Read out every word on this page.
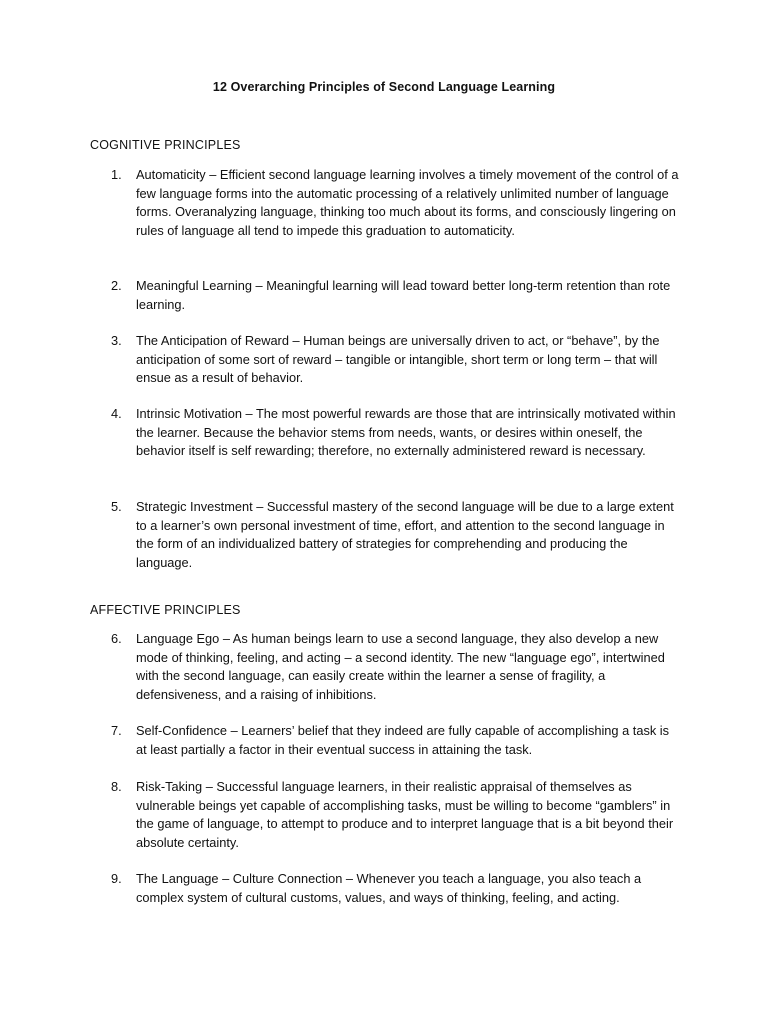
12 Overarching Principles of Second Language Learning
COGNITIVE PRINCIPLES
1.	Automaticity – Efficient second language learning involves a timely movement of the control of a few language forms into the automatic processing of a relatively unlimited number of language forms. Overanalyzing language, thinking too much about its forms, and consciously lingering on rules of language all tend to impede this graduation to automaticity.
2.	Meaningful Learning – Meaningful learning will lead toward better long-term retention than rote learning.
3.	The Anticipation of Reward – Human beings are universally driven to act, or “behave”, by the anticipation of some sort of reward – tangible or intangible, short term or long term – that will ensue as a result of behavior.
4.	Intrinsic Motivation – The most powerful rewards are those that are intrinsically motivated within the learner. Because the behavior stems from needs, wants, or desires within oneself, the behavior itself is self rewarding; therefore, no externally administered reward is necessary.
5.	Strategic Investment – Successful mastery of the second language will be due to a large extent to a learner’s own personal investment of time, effort, and attention to the second language in the form of an individualized battery of strategies for comprehending and producing the language.
AFFECTIVE PRINCIPLES
6.	Language Ego – As human beings learn to use a second language, they also develop a new mode of thinking, feeling, and acting – a second identity. The new “language ego”, intertwined with the second language, can easily create within the learner a sense of fragility, a defensiveness, and a raising of inhibitions.
7.	Self-Confidence – Learners’ belief that they indeed are fully capable of accomplishing a task is at least partially a factor in their eventual success in attaining the task.
8.	Risk-Taking – Successful language learners, in their realistic appraisal of themselves as vulnerable beings yet capable of accomplishing tasks, must be willing to become “gamblers” in the game of language, to attempt to produce and to interpret language that is a bit beyond their absolute certainty.
9.	The Language – Culture Connection – Whenever you teach a language, you also teach a complex system of cultural customs, values, and ways of thinking, feeling, and acting.
